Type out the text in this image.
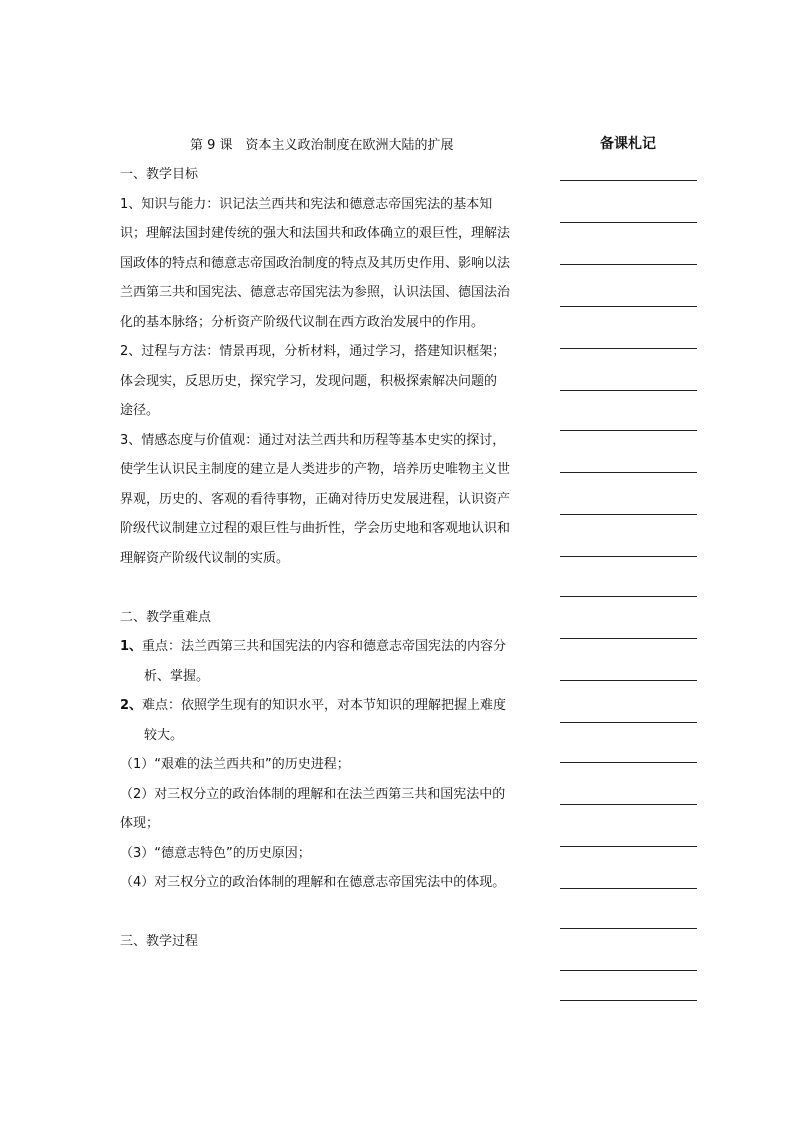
第 9 课　资本主义政治制度在欧洲大陆的扩展	备课札记
一、教学目标
1、知识与能力：识记法兰西共和宪法和德意志帝国宪法的基本知
识；理解法国封建传统的强大和法国共和政体确立的艰巨性，理解法
国政体的特点和德意志帝国政治制度的特点及其历史作用、影响以法
兰西第三共和国宪法、德意志帝国宪法为参照，认识法国、德国法治
化的基本脉络；分析资产阶级代议制在西方政治发展中的作用。
2、过程与方法：情景再现，分析材料，通过学习，搭建知识框架；
体会现实，反思历史，探究学习，发现问题，积极探索解决问题的
途径。
3、情感态度与价值观：通过对法兰西共和历程等基本史实的探讨，
使学生认识民主制度的建立是人类进步的产物，培养历史唯物主义世
界观，历史的、客观的看待事物，正确对待历史发展进程，认识资产
阶级代议制建立过程的艰巨性与曲折性，学会历史地和客观地认识和
理解资产阶级代议制的实质。
二、教学重难点
1、重点：法兰西第三共和国宪法的内容和德意志帝国宪法的内容分
析、掌握。
2、难点：依照学生现有的知识水平，对本节知识的理解把握上难度
较大。
（1）“艰难的法兰西共和”的历史进程；
（2）对三权分立的政治体制的理解和在法兰西第三共和国宪法中的
体现；
（3）“德意志特色”的历史原因；
（4）对三权分立的政治体制的理解和在德意志帝国宪法中的体现。
三、教学过程
